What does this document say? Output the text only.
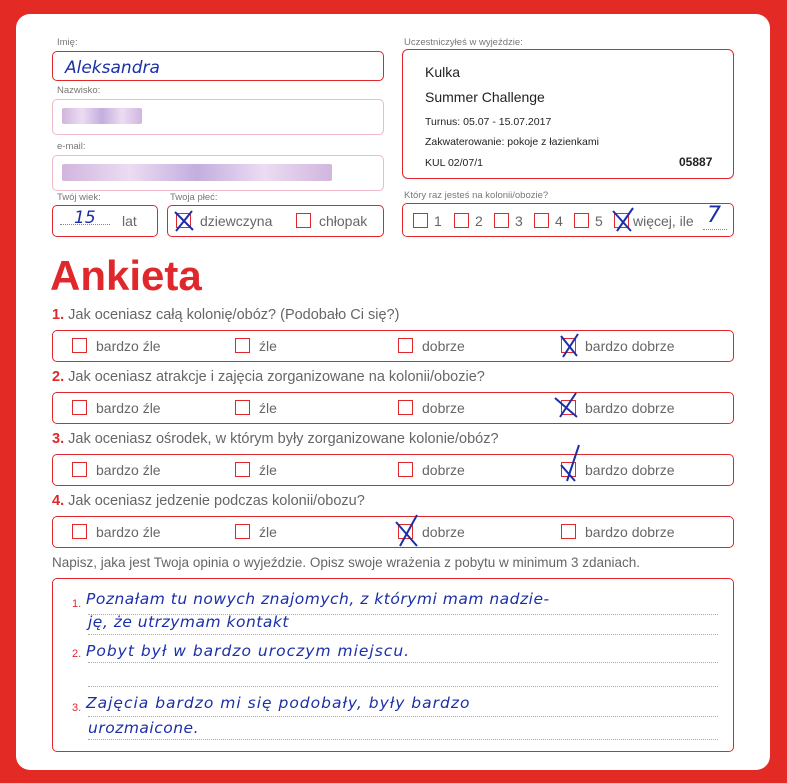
Imię:
Aleksandra
Nazwisko:
e-mail:
Twój wiek:
15 lat
Twoja płeć:
dziewczyna	chłopak
Uczestniczyłeś w wyjeździe:
Kulka
Summer Challenge
Turnus: 05.07 - 15.07.2017
Zakwaterowanie: pokoje z łazienkami
KUL 02/07/1	05887
Który raz jesteś na kolonii/obozie?
1 2 3 4 5 więcej, ile 7
Ankieta
1. Jak oceniasz całą kolonię/obóz? (Podobało Ci się?)
bardzo źle	źle	dobrze	bardzo dobrze
2. Jak oceniasz atrakcje i zajęcia zorganizowane na kolonii/obozie?
bardzo źle	źle	dobrze	bardzo dobrze
3. Jak oceniasz ośrodek, w którym były zorganizowane kolonie/obóz?
bardzo źle	źle	dobrze	bardzo dobrze
4. Jak oceniasz jedzenie podczas kolonii/obozu?
bardzo źle	źle	dobrze	bardzo dobrze
Napisz, jaka jest Twoja opinia o wyjeździe. Opisz swoje wrażenia z pobytu w minimum 3 zdaniach.
1.
2.
3.
Poznałam tu nowych znajomych, z którymi mam nadzie-
ję, że utrzymam kontakt
Pobyt był w bardzo uroczym miejscu.
Zajęcia bardzo mi się podobały, były bardzo
urozmaicone.
